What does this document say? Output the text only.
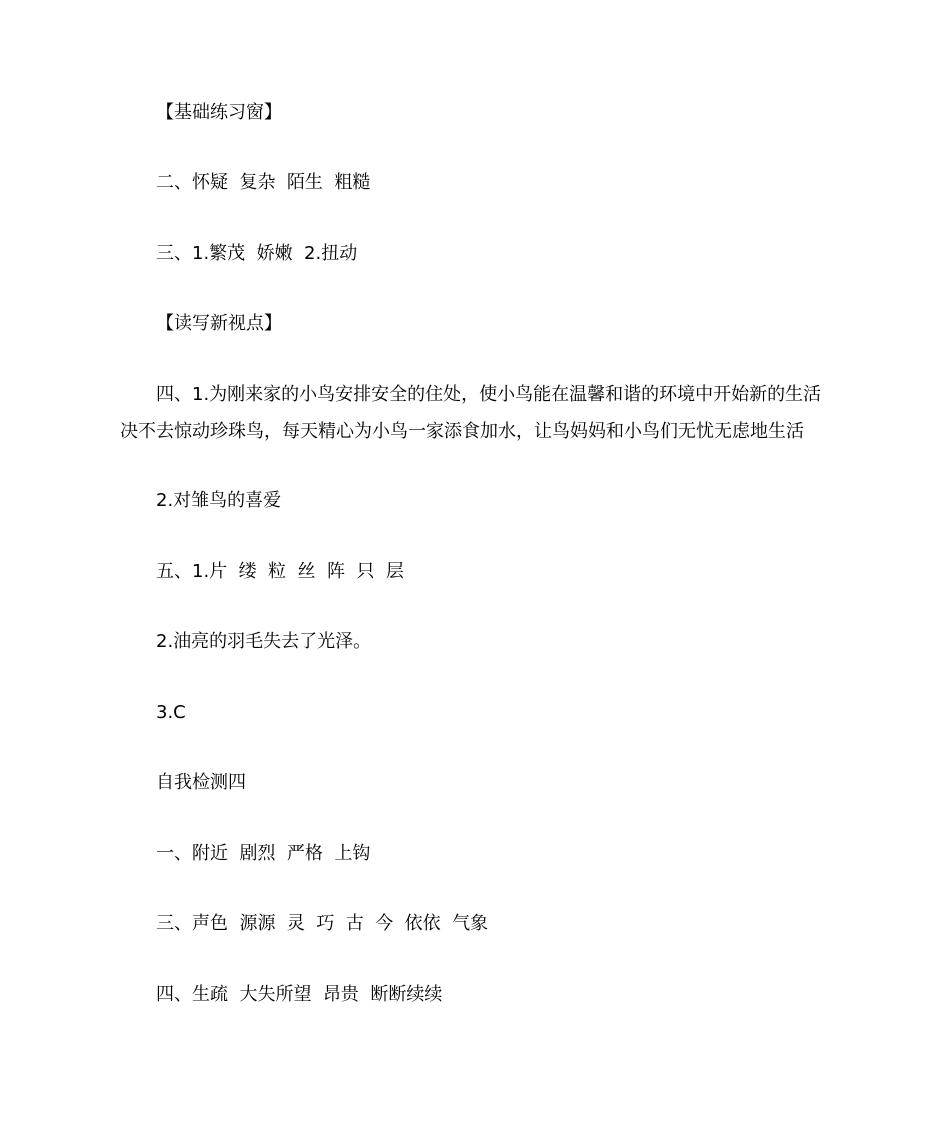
【基础练习窗】
二、怀疑  复杂  陌生  粗糙
三、1.繁茂  娇嫩  2.扭动
【读写新视点】
四、1.为刚来家的小鸟安排安全的住处，使小鸟能在温馨和谐的环境中开始新的生活
决不去惊动珍珠鸟，每天精心为小鸟一家添食加水，让鸟妈妈和小鸟们无忧无虑地生活
2.对雏鸟的喜爱
五、1.片  缕  粒  丝  阵  只  层
2.油亮的羽毛失去了光泽。
3.C
自我检测四
一、附近  剧烈  严格  上钩
三、声色  源源  灵  巧  古  今  依依  气象
四、生疏  大失所望  昂贵  断断续续
